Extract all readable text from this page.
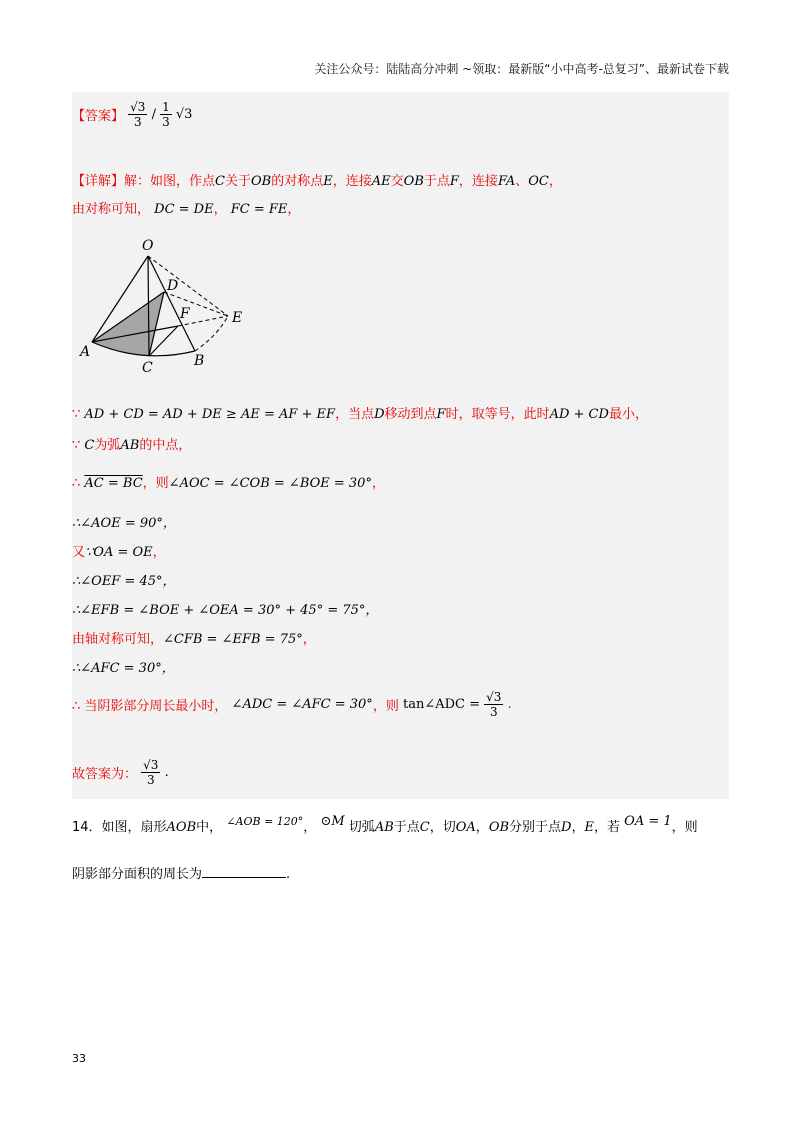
关注公众号：陆陆高分冲刺 ~领取：最新版“小中高考-总复习”、最新试卷下载
【答案】 $\frac{√3}{3} / \frac{1}{3} √3$
【详解】解：如图，作点C关于OB的对称点E，连接AE交OB于点F，连接FA、OC，
由对称可知， DC = DE， FC = FE，
O
D
F	E
A
C	B
∵ AD + CD = AD + DE ≥ AE = AF + EF，当点D移动到点F时，取等号，此时AD + CD最小，
∵ C为弧AB的中点，
∴ AC = BC，则∠AOC = ∠COB = ∠BOE = 30°，
∴∠AOE = 90°，
又∵OA = OE，
∴∠OEF = 45°，
∴∠EFB = ∠BOE + ∠OEA = 30° + 45° = 75°，
由轴对称可知，∠CFB = ∠EFB = 75°，
∴∠AFC = 30°，
∴ 当阴影部分周长最小时， ∠ADC = ∠AFC = 30°，则 tan∠ADC = $\frac{√3}{3}$ .
故答案为： $\frac{√3}{3}$ .
14．如图，扇形AOB中， $^{\angle AOB = 120^\circ}$， ⊙M 切弧AB于点C，切OA，OB分别于点D，E，若 OA = 1，则
阴影部分面积的周长为	.
33
